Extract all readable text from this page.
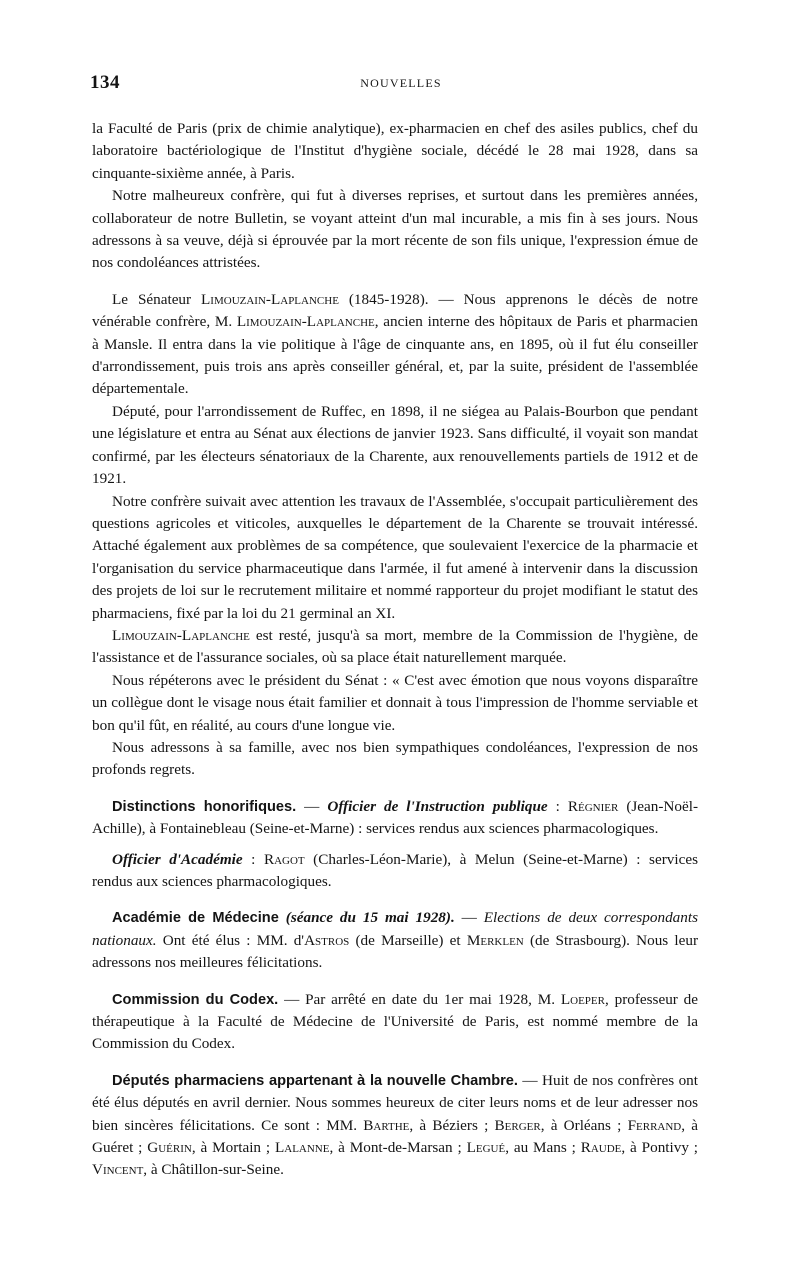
134	NOUVELLES

la Faculté de Paris (prix de chimie analytique), ex-pharmacien en chef des asiles publics, chef du laboratoire bactériologique de l'Institut d'hygiène sociale, décédé le 28 mai 1928, dans sa cinquante-sixième année, à Paris.

Notre malheureux confrère, qui fut à diverses reprises, et surtout dans les premières années, collaborateur de notre Bulletin, se voyant atteint d'un mal incurable, a mis fin à ses jours. Nous adressons à sa veuve, déjà si éprouvée par la mort récente de son fils unique, l'expression émue de nos condoléances attristées.

Le Sénateur Limouzain-Laplanche (1845-1928). — Nous apprenons le décès de notre vénérable confrère, M. Limouzain-Laplanche, ancien interne des hôpitaux de Paris et pharmacien à Mansle. Il entra dans la vie politique à l'âge de cinquante ans, en 1895, où il fut élu conseiller d'arrondissement, puis trois ans après conseiller général, et, par la suite, président de l'assemblée départementale.

Député, pour l'arrondissement de Ruffec, en 1898, il ne siégea au Palais-Bourbon que pendant une législature et entra au Sénat aux élections de janvier 1923. Sans difficulté, il voyait son mandat confirmé, par les électeurs sénatoriaux de la Charente, aux renouvellements partiels de 1912 et de 1921.

Notre confrère suivait avec attention les travaux de l'Assemblée, s'occupait particulièrement des questions agricoles et viticoles, auxquelles le département de la Charente se trouvait intéressé. Attaché également aux problèmes de sa compétence, que soulevaient l'exercice de la pharmacie et l'organisation du service pharmaceutique dans l'armée, il fut amené à intervenir dans la discussion des projets de loi sur le recrutement militaire et nommé rapporteur du projet modifiant le statut des pharmaciens, fixé par la loi du 21 germinal an XI.

Limouzain-Laplanche est resté, jusqu'à sa mort, membre de la Commission de l'hygiène, de l'assistance et de l'assurance sociales, où sa place était naturellement marquée.

Nous répéterons avec le président du Sénat : « C'est avec émotion que nous voyons disparaître un collègue dont le visage nous était familier et donnait à tous l'impression de l'homme serviable et bon qu'il fût, en réalité, au cours d'une longue vie.

Nous adressons à sa famille, avec nos bien sympathiques condoléances, l'expression de nos profonds regrets.

Distinctions honorifiques. — Officier de l'Instruction publique : Régnier (Jean-Noël-Achille), à Fontainebleau (Seine-et-Marne) : services rendus aux sciences pharmacologiques.

Officier d'Académie : Ragot (Charles-Léon-Marie), à Melun (Seine-et-Marne) : services rendus aux sciences pharmacologiques.

Académie de Médecine (séance du 15 mai 1928). — Elections de deux correspondants nationaux. Ont été élus : MM. d'Astros (de Marseille) et Merklen (de Strasbourg). Nous leur adressons nos meilleures félicitations.

Commission du Codex. — Par arrêté en date du 1er mai 1928, M. Loeper, professeur de thérapeutique à la Faculté de Médecine de l'Université de Paris, est nommé membre de la Commission du Codex.

Députés pharmaciens appartenant à la nouvelle Chambre. — Huit de nos confrères ont été élus députés en avril dernier. Nous sommes heureux de citer leurs noms et de leur adresser nos bien sincères félicitations. Ce sont : MM. Barthe, à Béziers ; Berger, à Orléans ; Ferrand, à Guéret ; Guérin, à Mortain ; Lalanne, à Mont-de-Marsan ; Legué, au Mans ; Raude, à Pontivy ; Vincent, à Châtillon-sur-Seine.
